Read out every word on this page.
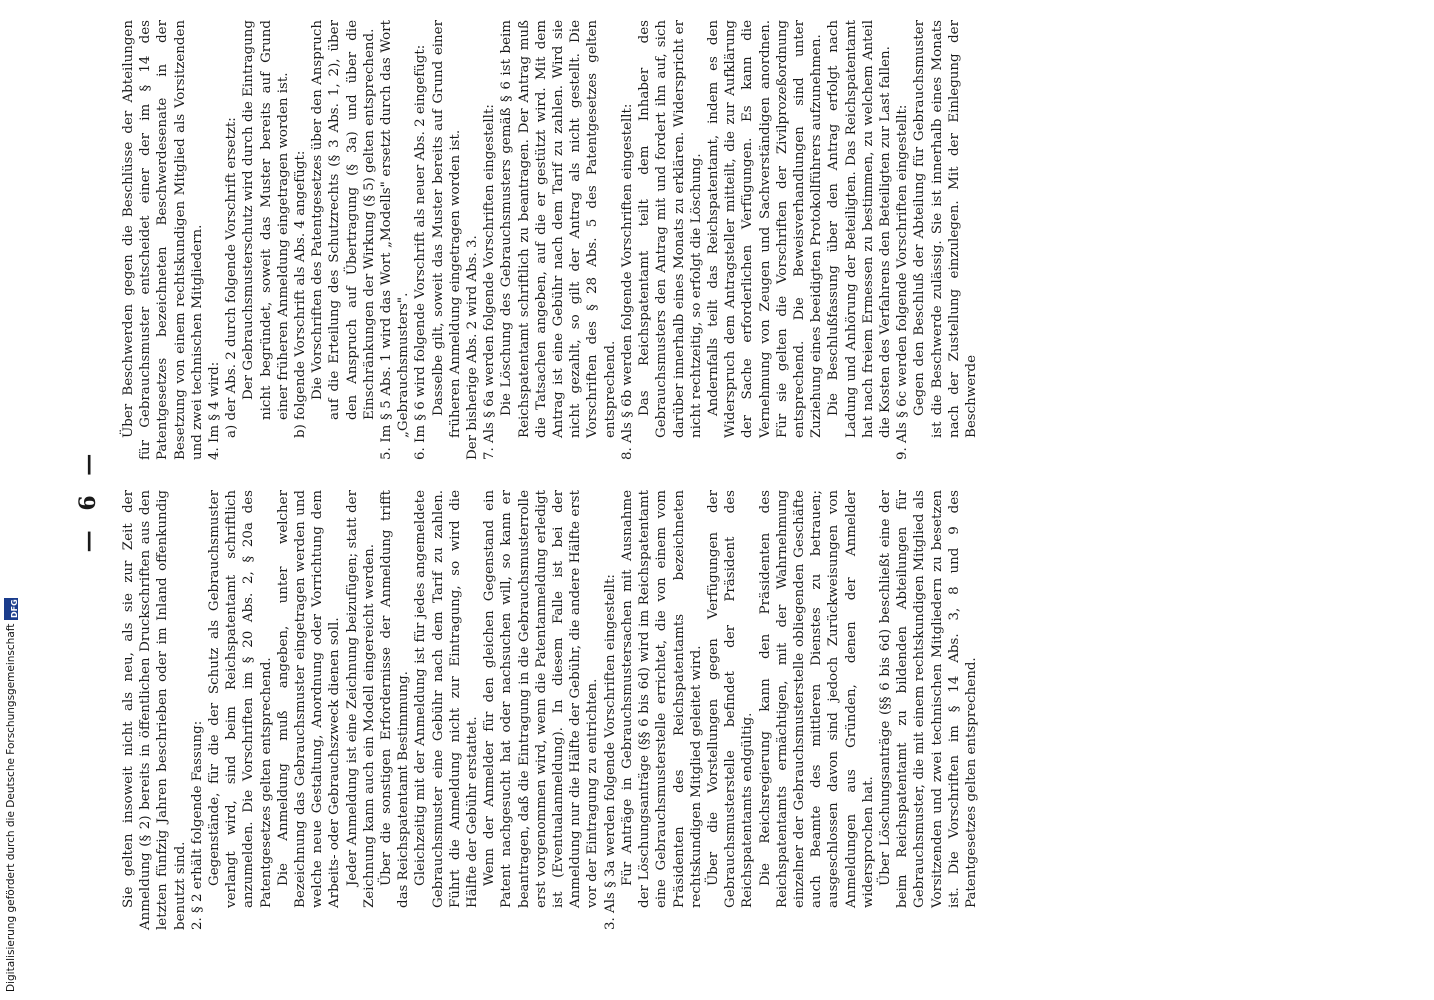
— 6 — Sie gelten insoweit nicht als neu, als sie zur Zeit der Anmeldung (§ 2) bereits in öffentlichen Druckschriften aus den letzten fünfzig Jahren beschrieben oder im Inland offenkundig benutzt sind. 2. § 2 erhält folgende Fassung: Gegenstände, für die der Schutz als Gebrauchsmuster verlangt wird, sind beim Reichspatentamt schriftlich anzumelden. Die Vorschriften im § 20 Abs. 2, § 20a des Patentgesetzes gelten entsprechend. Die Anmeldung muß angeben, unter welcher Bezeichnung das Gebrauchsmuster eingetragen werden und welche neue Gestaltung, Anordnung oder Vorrichtung dem Arbeits- oder Gebrauchszweck dienen soll. Jeder Anmeldung ist eine Zeichnung beizufügen; statt der Zeichnung kann auch ein Modell eingereicht werden. Über die sonstigen Erfordernisse der Anmeldung trifft das Reichspatentamt Bestimmung. Gleichzeitig mit der Anmeldung ist für jedes angemeldete Gebrauchsmuster eine Gebühr nach dem Tarif zu zahlen. Führt die Anmeldung nicht zur Eintragung, so wird die Hälfte der Gebühr erstattet. Wenn der Anmelder für den gleichen Gegenstand ein Patent nachgesucht hat oder nachsuchen will, so kann er beantragen, daß die Eintragung in die Gebrauchsmusterrolle erst vorgenommen wird, wenn die Patentanmeldung erledigt ist (Eventualanmeldung). In diesem Falle ist bei der Anmeldung nur die Hälfte der Gebühr, die andere Hälfte erst vor der Eintragung zu entrichten. 3. Als § 3a werden folgende Vorschriften eingestellt: Für Anträge in Gebrauchsmustersachen mit Ausnahme der Löschungsanträge (§§ 6 bis 6d) wird im Reichspatentamt eine Gebrauchsmusterstelle errichtet, die von einem vom Präsidenten des Reichspatentamts bezeichneten rechtskundigen Mitglied geleitet wird. Über die Vorstellungen gegen Verfügungen der Gebrauchsmusterstelle befindet der Präsident des Reichspatentamts endgültig. Die Reichsregierung kann den Präsidenten des Reichspatentamts ermächtigen, mit der Wahrnehmung einzelner der Gebrauchsmusterstelle obliegenden Geschäfte auch Beamte des mittleren Dienstes zu betrauen; ausgeschlossen davon sind jedoch Zurückweisungen von Anmeldungen aus Gründen, denen der Anmelder widersprochen hat. Über Löschungsanträge (§§ 6 bis 6d) beschließt eine der beim Reichspatentamt zu bildenden Abteilungen für Gebrauchsmuster, die mit einem rechtskundigen Mitglied als Vorsitzenden und zwei technischen Mitgliedern zu besetzen ist. Die Vorschriften im § 14 Abs. 3, 8 und 9 des Patentgesetzes gelten entsprechend.

Über Beschwerden gegen die Beschlüsse der Abteilungen für Gebrauchsmuster entscheidet einer der im § 14 des Patentgesetzes bezeichneten Beschwerdesenate in der Besetzung von einem rechtskundigen Mitglied als Vorsitzenden und zwei technischen Mitgliedern. 4. Im § 4 wird: a) der Abs. 2 durch folgende Vorschrift ersetzt: Der Gebrauchsmusterschutz wird durch die Eintragung nicht begründet, soweit das Muster bereits auf Grund einer früheren Anmeldung eingetragen worden ist. b) folgende Vorschrift als Abs. 4 angefügt: Die Vorschriften des Patentgesetzes über den Anspruch auf die Erteilung des Schutzrechts (§ 3 Abs. 1, 2), über den Anspruch auf Übertragung (§ 3a) und über die Einschränkungen der Wirkung (§ 5) gelten entsprechend. 5. Im § 5 Abs. 1 wird das Wort „Modells" ersetzt durch das Wort „Gebrauchsmusters". 6. Im § 6 wird folgende Vorschrift als neuer Abs. 2 eingefügt: Dasselbe gilt, soweit das Muster bereits auf Grund einer früheren Anmeldung eingetragen worden ist. Der bisherige Abs. 2 wird Abs. 3. 7. Als § 6a werden folgende Vorschriften eingestellt: Die Löschung des Gebrauchsmusters gemäß § 6 ist beim Reichspatentamt schriftlich zu beantragen. Der Antrag muß die Tatsachen angeben, auf die er gestützt wird. Mit dem Antrag ist eine Gebühr nach dem Tarif zu zahlen. Wird sie nicht gezahlt, so gilt der Antrag als nicht gestellt. Die Vorschriften des § 28 Abs. 5 des Patentgesetzes gelten entsprechend. 8. Als § 6b werden folgende Vorschriften eingestellt: Das Reichspatentamt teilt dem Inhaber des Gebrauchsmusters den Antrag mit und fordert ihn auf, sich darüber innerhalb eines Monats zu erklären. Widerspricht er nicht rechtzeitig, so erfolgt die Löschung. Andernfalls teilt das Reichspatentamt, indem es den Widerspruch dem Antragsteller mitteilt, die zur Aufklärung der Sache erforderlichen Verfügungen. Es kann die Vernehmung von Zeugen und Sachverständigen anordnen. Für sie gelten die Vorschriften der Zivilprozeßordnung entsprechend. Die Beweisverhandlungen sind unter Zuziehung eines beeidigten Protokollführers aufzunehmen. Die Beschlußfassung über den Antrag erfolgt nach Ladung und Anhörung der Beteiligten. Das Reichspatentamt hat nach freiem Ermessen zu bestimmen, zu welchem Anteil die Kosten des Verfahrens den Beteiligten zur Last fallen. 9. Als § 6c werden folgende Vorschriften eingestellt: Gegen den Beschluß der Abteilung für Gebrauchsmuster ist die Beschwerde zulässig. Sie ist innerhalb eines Monats nach der Zustellung einzulegen. Mit der Einlegung der Beschwerde

Digitalisierung gefördert durch die Deutsche Forschungsgemeinschaft
DFG
